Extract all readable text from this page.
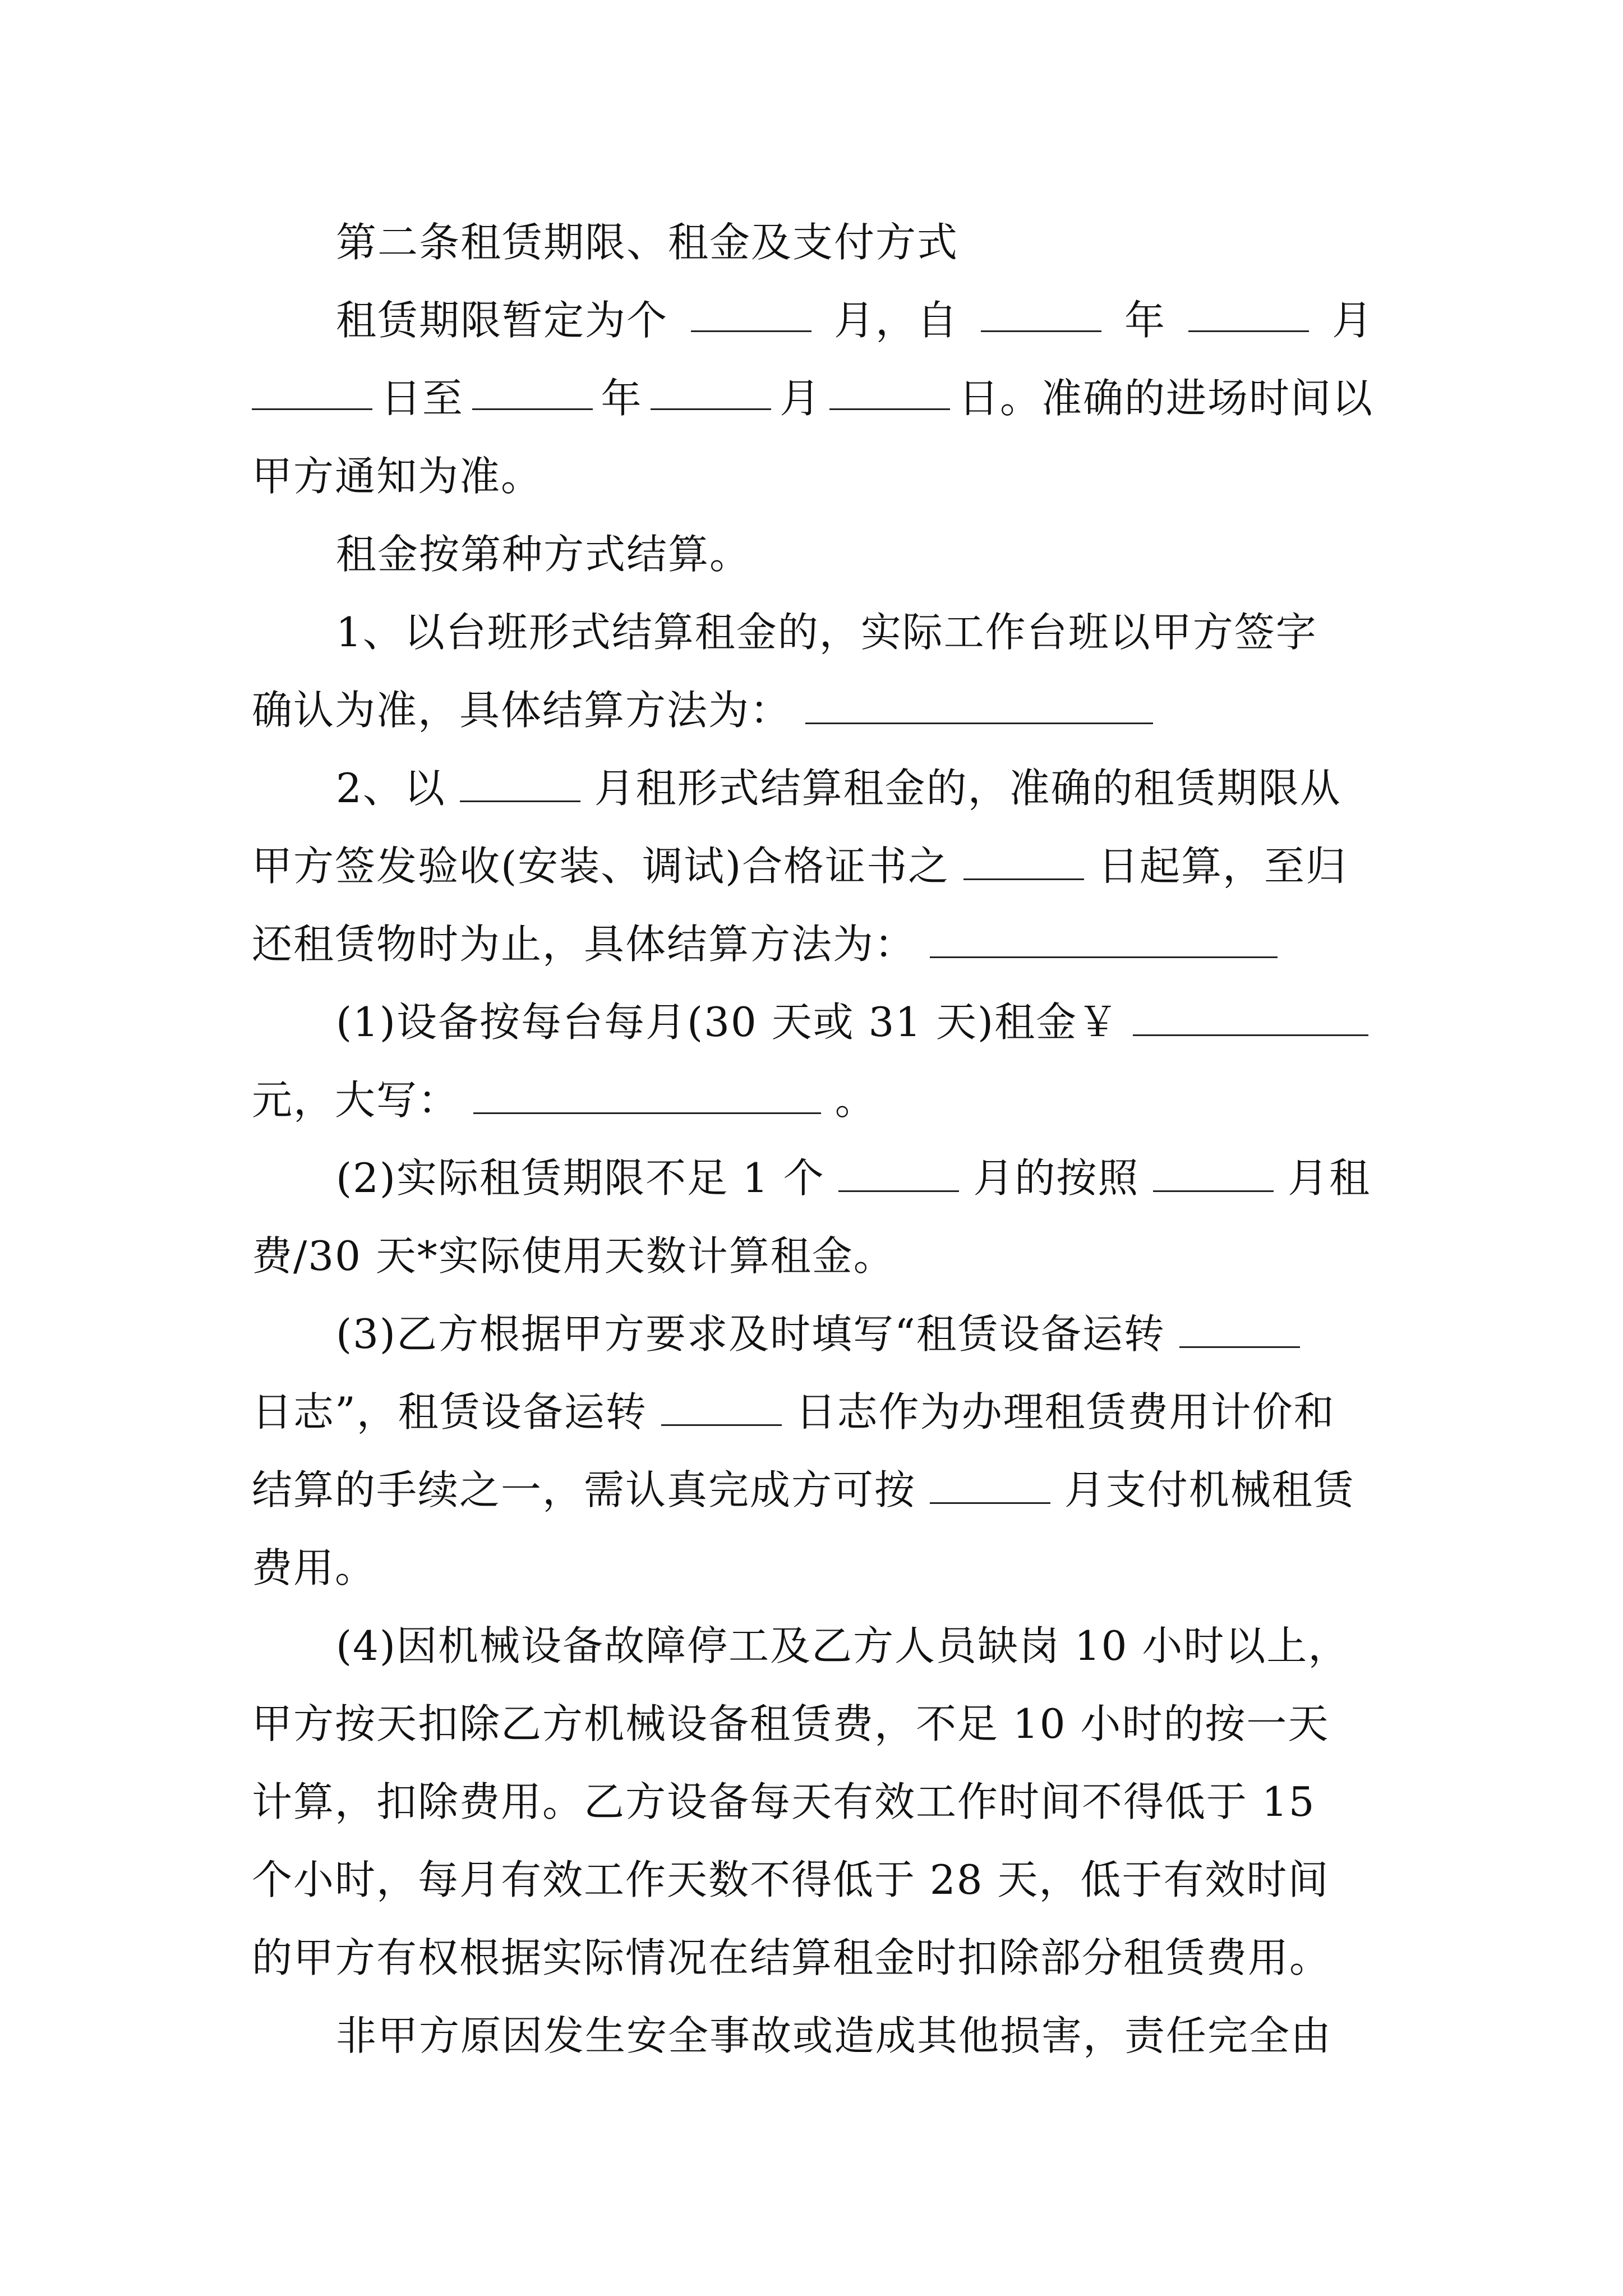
第二条租赁期限、租金及支付方式
租赁期限暂定为个	月，自	年	月
日至	年	月	日。准确的进场时间以
甲方通知为准。
租金按第种方式结算。
1、以台班形式结算租金的，实际工作台班以甲方签字
确认为准，具体结算方法为：
2、以	月租形式结算租金的，准确的租赁期限从
甲方签发验收(安装、调试)合格证书之	日起算，至归
还租赁物时为止，具体结算方法为：
(1)设备按每台每月(30 天或 31 天)租金￥
元，大写：	。
(2)实际租赁期限不足 1 个	月的按照	月租
费/30 天*实际使用天数计算租金。
(3)乙方根据甲方要求及时填写“租赁设备运转
日志”，租赁设备运转	日志作为办理租赁费用计价和
结算的手续之一，需认真完成方可按	月支付机械租赁
费用。
(4)因机械设备故障停工及乙方人员缺岗 10 小时以上，
甲方按天扣除乙方机械设备租赁费，不足 10 小时的按一天
计算，扣除费用。乙方设备每天有效工作时间不得低于 15
个小时，每月有效工作天数不得低于 28 天，低于有效时间
的甲方有权根据实际情况在结算租金时扣除部分租赁费用。
非甲方原因发生安全事故或造成其他损害，责任完全由
